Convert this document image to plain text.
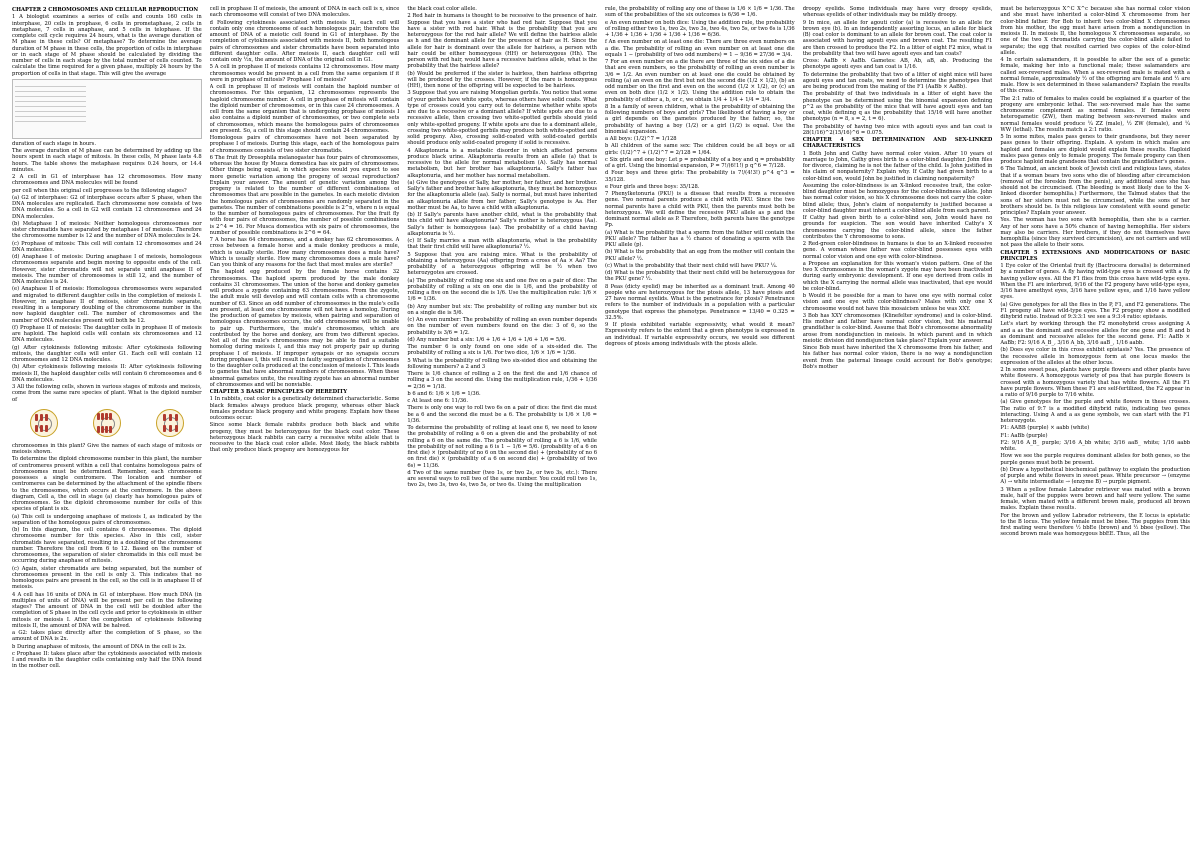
CHAPTER 2 CHROMOSOMES AND CELLULAR REPRODUCTION

1 A biologist examines a series of cells and counts 160 cells in interphase, 20 cells in prophase, 6 cells in prometaphase, 2 cells in metaphase, 7 cells in anaphase, and 5 cells in telophase. If the complete cell cycle requires 24 hours, what is the average duration of M phase in these cells? Of metaphase? To determine the average duration of M phase in these cells, the proportion of cells in interphase or in each stage of M phase should be calculated by dividing the number of cells in each stage by the total number of cells counted. To calculate the time required for a given phase, multiply 24 hours by the proportion of cells in that stage. This will give the average

duration of each stage in hours.

The average duration of M phase can be determined by adding up the hours spent in each stage of mitosis. In these cells, M phase lasts 4.8 hours. The table shows the metaphase requires 0.24 hours, or 14.4 minutes.

2 A cell in G1 of interphase has 12 chromosomes. How many chromosomes and DNA molecules will be found

per cell when this original cell progresses to the following stages?

(a) G2 of interphase: G2 of interphase occurs after S phase, when the DNA molecules are replicated. Each chromosome now consists of two DNA molecules. So a cell in G2 will contain 12 chromosomes and 24 DNA molecules.

(b) Metaphase I of meiosis: Neither homologous chromosomes nor sister chromatids have separated by metaphase I of meiosis. Therefore the chromosome number is 12 and the number of DNA molecules is 24.

(c) Prophase of mitosis: This cell will contain 12 chromosomes and 24 DNA molecules.

(d) Anaphase I of meiosis: During anaphase I of meiosis, homologous chromosomes separate and begin moving to opposite ends of the cell. However, sister chromatids will not separate until anaphase II of meiosis. The number of chromosomes is still 12, and the number of DNA molecules is 24.

(e) Anaphase II of meiosis: Homologous chromosomes were separated and migrated to different daughter cells in the completion of meiosis I. However, in anaphase II of meiosis, sister chromatids separate, resulting in a temporary doubling of the chromosome number in the now haploid daughter cell. The number of chromosomes and the number of DNA molecules present will both be 12.

(f) Prophase II of meiosis: The daughter cells in prophase II of meiosis are haploid. The haploid cells will contain six chromosomes and 12 DNA molecules.

(g) After cytokinesis following mitosis: After cytokinesis following mitosis, the daughter cells will enter G1. Each cell will contain 12 chromosomes and 12 DNA molecules.

(h) After cytokinesis following meiosis II: After cytokinesis following meiosis II, the haploid daughter cells will contain 6 chromosomes and 6 DNA molecules.

3 All the following cells, shown in various stages of mitosis and meiosis, come from the same rare species of plant. What is the diploid number of

chromosomes in this plant? Give the names of each stage of mitosis or meiosis shown.

To determine the diploid chromosome number in this plant, the number of centromeres present within a cell that contains homologous pairs of chromosomes must be determined. Remember, each chromosome possesses a single centromere. The location and number of centromeres can be determined by the attachment of the spindle fibers to the chromosomes, which occurs at the centromere. In the above diagram, Cell a, the cell in stage (a) clearly has homologous pairs of chromosomes. So the diploid chromosome number for cells of this species of plant is six.

(a) This cell is undergoing anaphase of meiosis I, as indicated by the separation of the homologous pairs of chromosomes.

(b) In this diagram, the cell contains 6 chromosomes. The diploid chromosome number for this species. Also in this cell, sister chromatids have separated, resulting in a doubling of the chromosome number. Therefore the cell from 6 to 12. Based on the number of chromosomes, the separation of sister chromatids in this cell must be occurring during anaphase of mitosis.

(c) Again, sister chromatids are being separated, but the number of chromosomes present in the cell is only 3. This indicates that no homologous pairs are present in the cell, so the cell is in anaphase II of meiosis.

4 A cell has 16 units of DNA in G1 of interphase. How much DNA (in multiples of units of DNA) will be present per cell in the following stages? The amount of DNA in the cell will be doubled after the completion of S phase in the cell cycle and prior to cytokinesis in either mitosis or meiosis I. After the completion of cytokinesis following mitosis II, the amount of DNA will be halved.

a G2: takes place directly after the completion of S phase, so the amount of DNA is 2x.

b During anaphase of mitosis, the amount of DNA in the cell is 2x.

c Prophase II: takes place after the cytokinesis associated with meiosis I and results in the daughter cells containing only half the DNA found in the mother cell.

cell in prophase II of meiosis, the amount of DNA in each cell is x, since each chromosome will consist of two DNA molecules.

d Following cytokinesis associated with meiosis II, each cell will contain only one chromosome of each homologous pair; therefore the amount of DNA of a meiotic cell found in G1 of interphase. By the completion of cytokinesis associated with meiosis II, both homologous pairs of chromosomes and sister chromatids have been separated into different daughter cells. After meiosis II, each daughter cell will contain only ½x, the amount of DNA of the original cell in G1.

5 A cell in prophase II of meiosis contains 12 chromosomes. How many chromosomes would be present in a cell from the same organism if it were in prophase of mitosis? Prophase I of meiosis?

A cell in prophase II of meiosis will contain the haploid number of chromosomes. For this organism, 12 chromosomes represents the haploid chromosome number. A cell in prophase of mitosis will contain the diploid number of chromosomes, or in this case 24 chromosomes. A cell from the same organism that is undergoing prophase of meiosis I also contains a diploid number of chromosomes, or two complete sets of chromosomes, which means the homologous pairs of chromosomes are present. So, a cell in this stage should contain 24 chromosomes.

Homologous pairs of chromosomes have not been separated by prophase I of meiosis. During this stage, each of the homologous pairs of chromosomes consists of two sister chromatids.

6 The fruit fly Drosophila melanogaster has four pairs of chromosomes, whereas the house fly Musca domestica has six pairs of chromosomes. Other things being equal, in which species would you expect to see more genetic variation among the progeny of sexual reproduction? Explain your answer. The amount of genetic variation among the progeny is related to the number of different combinations of chromosomes that are possible in the gametes. In each meiotic division the homologous pairs of chromosomes are randomly separated in the gametes. The number of combinations possible is 2^n, where n is equal to the number of homologous pairs of chromosomes. For the fruit fly with four pairs of chromosomes, the number of possible combinations is 2^4 = 16. For Musca domestica with six pairs of chromosomes, the number of possible combinations is 2^6 = 64.

7 A horse has 64 chromosomes, and a donkey has 62 chromosomes. A cross between a female horse and a male donkey produces a mule, which is usually sterile. How many chromosomes does a mule have? Which is usually sterile. How many chromosomes does a mule have? Can you think of any reasons for the fact that most mules are sterile?

The haploid egg produced by the female horse contains 32 chromosomes. The haploid sperm produced by the male donkey contains 31 chromosomes. The union of the horse and donkey gametes will produce a zygote containing 63 chromosomes. From the zygote, the adult mule will develop and will contain cells with a chromosome number of 63. Since an odd number of chromosomes in the mule's cells are present, at least one chromosome will not have a homolog. During the production of gametes by meiosis, when pairing and separation of homologous chromosomes occurs, the odd chromosome will be unable to pair up. Furthermore, the mule's chromosomes, which are contributed by the horse and donkey, are from two different species. Not all of the mule's chromosomes may be able to find a suitable homolog during meiosis I, and this may not properly pair up during prophase I of meiosis. If improper synapsis or no synapsis occurs during prophase I, this will result in faulty segregation of chromosomes to the daughter cells produced at the conclusion of meiosis I. This leads to gametes that have abnormal numbers of chromosomes. When these abnormal gametes unite, the resulting zygote has an abnormal number of chromosomes and will be nonviable.

CHAPTER 3 BASIC PRINCIPLES OF HEREDITY

1 In rabbits, coat color is a genetically determined characteristic. Some black females always produce black progeny, whereas other black females produce black progeny and white progeny. Explain how these outcomes occur.

Since some black female rabbits produce both black and white progeny, they must be heterozygous for the black coat color. These heterozygous black rabbits can carry a recessive white allele that is recessive to the black coat color allele. Most likely, the black rabbits that only produce black progeny are homozygous for

the black coat color allele.

2 Red hair in humans is thought to be recessive to the presence of hair. Suppose that you have a sister who had red hair. Suppose that you have a sister with red hair. What is the probability that you are heterozygous for the red hair allele? We will define the hairless allele as h and the dominant allele for the presence of hair as H. Since the allele for hair is dominant over the allele for hairless, a person with hair could be either homozygous (HH) or heterozygous (Hh). The person with red hair, would have a recessive hairless allele, what is the probability that the hairless allele?

(b) Would be preferred if the sister is hairless, then hairless offspring will be produced by the crosses. However, if the mare is homozygous (HH), then none of the offspring will be expected to be hairless.

3 Suppose that you are raising Mongolian gerbils. You notice that some of your gerbils have white spots, whereas others have solid coats. What type of crosses could you carry out to determine whether white spots are due to a recessive or a dominant allele? If white spots are due to a recessive allele, then crossing two white-spotted gerbils should yield only white-spotted progeny. If white spots are due to a dominant allele, crossing two white-spotted gerbils may produce both white-spotted and solid progeny. Also, crossing solid-coated with solid-coated gerbils should produce only solid-coated progeny if solid is recessive.

4 Alkaptonuria is a metabolic disorder in which affected persons produce black urine. Alkaptonuria results from an allele (a) that is recessive to the allele for normal metabolism (A). Sally has normal metabolism, but her brother has alkaptonuria. Sally's father has alkaptonuria, and her mother has normal metabolism.

(a) Give the genotypes of Sally, her mother, her father, and her brother. Sally's father and brother have alkaptonuria, they must be homozygous for the alkaptonuria allele (aa). Sally is normal, but must have inherited an alkaptonuria allele from her father; Sally's genotype is Aa. Her mother must be Aa, to have a child with alkaptonuria.

(b) If Sally's parents have another child, what is the probability that this child will have alkaptonuria? Sally's mother is heterozygous (Aa). Sally's father is homozygous (aa). The probability of a child having alkaptonuria is ½.

(c) If Sally marries a man with alkaptonuria, what is the probability that their first child will have alkaptonuria? ½.

5 Suppose that you are raising mice. What is the probability of obtaining a heterozygous (Aa) offspring from a cross of Aa × Aa? The probability of a heterozygous offspring will be ½ when two heterozygotes are crossed.

(a) The probability of rolling one six and one five on a pair of dice: The probability of rolling a six on one die is 1/6, and the probability of rolling a five on the second die is 1/6. Use the multiplication rule: 1/6 × 1/6 = 1/36.

(b) Any number but six: The probability of rolling any number but six on a single die is 5/6.

(c) An even number: The probability of rolling an even number depends on the number of even numbers found on the die: 3 of 6, so the probability is 3/6 = 1/2.

(d) Any number but a six: 1/6 + 1/6 + 1/6 + 1/6 + 1/6 = 5/6.

The number 6 is only found on one side of a six-sided die. The probability of rolling a six is 1/6. For two dice, 1/6 × 1/6 = 1/36.

5 What is the probability of rolling two six-sided dice and obtaining the following numbers? a 2 and 3

There is 1/6 chance of rolling a 2 on the first die and 1/6 chance of rolling a 3 on the second die. Using the multiplication rule, 1/36 + 1/36 = 2/36 = 1/18.

b 6 and 6: 1/6 × 1/6 = 1/36.

c At least one 6: 11/36.

There is only one way to roll two 6s on a pair of dice: the first die must be a 6 and the second die must be a 6. The probability is 1/6 × 1/6 = 1/36.

To determine the probability of rolling at least one 6, we need to know the probability of rolling a 6 on a given die and the probability of not rolling a 6 on the same die. The probability of rolling a 6 is 1/6, while the probability of not rolling a 6 is 1 − 1/6 = 5/6. (probability of a 6 on first die) × (probability of no 6 on the second die) + (probability of no 6 on first die) × (probability of a 6 on second die) + (probability of two 6s) = 11/36.

d Two of the same number (two 1s, or two 2s, or two 3s, etc.): There are several ways to roll two of the same number. You could roll two 1s, two 2s, two 3s, two 4s, two 5s, or two 6s. Using the multiplication

rule, the probability of rolling any one of these is 1/6 × 1/6 = 1/36. The sum of the probabilities of the six outcomes is 6/36 = 1/6.

e An even number on both dice: Using the addition rule, the probability of rolling either two 1s, two 2s, two 3s, two 4s, two 5s, or two 6s is 1/36 + 1/36 + 1/36 + 1/36 + 1/36 + 1/36 = 6/36.

f An even number on at least one die: There are three even numbers on a die. The probability of rolling an even number on at least one die equals 1 − (probability of two odd numbers) = 1 − 9/36 = 27/36 = 3/4.

7 For an even number on a die there are three of the six sides of a die that are even numbers, so the probability of rolling an even number is 3/6 = 1/2. An even number on at least one die could be obtained by rolling (a) an even on the first but not the second die (1/2 × 1/2), (b) an odd number on the first and even on the second (1/2 × 1/2), or (c) an even on both dice (1/2 × 1/2). Using the addition rule to obtain the probability of either a, b, or c, we obtain 1/4 + 1/4 + 1/4 = 3/4.

8 In a family of seven children, what is the probability of obtaining the following numbers of boys and girls? The likelihood of having a boy or a girl depends on the gametes produced by the father; so, the probability of having a boy (1/2) or a girl (1/2) is equal. Use the binomial expansion.

a All boys: (1/2)^7 = 1/128

b All children of the same sex: The children could be all boys or all girls: (1/2)^7 + (1/2)^7 = 2/128 = 1/64.

c Six girls and one boy: Let p = probability of a boy and q = probability of a girl. Using the binomial expansion, P = 7!/(6!1!) p q^6 = 7/128.

d Four boys and three girls: The probability is 7!/(4!3!) p^4 q^3 = 35/128.

e Four girls and three boys: 35/128.

7 Phenylketonuria (PKU) is a disease that results from a recessive gene. Two normal parents produce a child with PKU. Since the two normal parents have a child with PKU, then the parents must both be heterozygous. We will define the recessive PKU allele as p and the dominant normal allele as P. Therefore, both parents have the genotype Pp.

(a) What is the probability that a sperm from the father will contain the PKU allele? The father has a ½ chance of donating a sperm with the PKU allele (p).

(b) What is the probability that an egg from the mother will contain the PKU allele? ½.

(c) What is the probability that their next child will have PKU? ¼.

(d) What is the probability that their next child will be heterozygous for the PKU gene? ½.

8 Peas (dicty eyelid) may be inherited as a dominant trait. Among 40 people who are heterozygous for the ptosis allele, 13 have ptosis and 27 have normal eyelids. What is the penetrance for ptosis? Penetrance refers to the number of individuals in a population with a particular genotype that express the phenotype. Penetrance = 13/40 = 0.325 = 32.5%.

9 If ptosis exhibited variable expressivity, what would it mean? Expressivity refers to the extent that a given phenotype is expressed in an individual. If variable expressivity occurs, we would see different degrees of ptosis among individuals with the ptosis allele.

droopy eyelids. Some individuals may have very droopy eyelids, whereas eyelids of other individuals may be mildly droopy.

9 In mice, an allele for agouti color (a) is recessive to an allele for brown eye (b). In an independently assorting locus, an allele for black (B) coat color is dominant to an allele for brown coat. The coat color is associated with having agouti eyes and brown coat. The resulting F1 are then crossed to produce the F2. In a litter of eight F2 mice, what is the probability that two will have agouti eyes and tan coats?

Cross: AaBb × AaBb. Gametes: AB, Ab, aB, ab. Producing the phenotype agouti eyes and tan coat is 1/16.

To determine the probability that two of a litter of eight mice will have agouti eyes and tan coats, we need to determine the phenotypes that are being produced from the mating of the F1 (AaBb × AaBb).

The probability of that two individuals in a litter of eight have the phenotype can be determined using the binomial expansion defining p^2 as the probability of the mice that will have agouti eyes and tan coat, while defining q as the probability that 15/16 will have another phenotype (n = 8, s = 2, t = 6).

The probability of having two mice with agouti eyes and tan coat is 28(1/16)^2(15/16)^6 = 0.075.

CHAPTER 4 SEX DETERMINATION AND SEX-LINKED CHARACTERISTICS

1 Both John and Cathy have normal color vision. After 10 years of marriage to John, Cathy gives birth to a color-blind daughter. John files for divorce, claiming he is not the father of the child. Is John justified in his claim of nonpaternity? Explain why. If Cathy had given birth to a color-blind son, would John be justified in claiming nonpaternity?

Assuming the color-blindness is an X-linked recessive trait, the color-blind daughter must be homozygous for the color-blindness allele. John has normal color vision, so his X chromosome does not carry the color-blind allele; thus, John's claim of nonpaternity is justified because a color-blind daughter must inherit a color-blind allele from each parent.

If Cathy had given birth to a color-blind son, John would have no grounds for suspicion. The son would have inherited Cathy's X chromosome carrying the color-blind allele, since the father contributes the Y chromosome to sons.

2 Red-green color-blindness in humans is due to an X-linked recessive gene. A woman whose father was color-blind possesses eyes with normal color vision and one eye with color-blindness.

a Propose an explanation for this woman's vision pattern. One of the two X chromosomes in the woman's zygote may have been inactivated during early embryonic development. If one eye derived from cells in which the X carrying the normal allele was inactivated, that eye would be color-blind.

b Would it be possible for a man to have one eye with normal color vision and one eye with color-blindness? Males with only one X chromosome would not have this mosaicism unless he was XXY.

3 Bob has XXY chromosomes (Klinefelter syndrome) and is color-blind. His mother and father have normal color vision, but his maternal grandfather is color-blind. Assume that Bob's chromosome abnormality arose from nondisjunction in meiosis. In which parent and in which meiotic division did nondisjunction take place? Explain your answer.

Since Bob must have inherited the X chromosome from his father, and his father has normal color vision, there is no way a nondisjunction event from the paternal lineage could account for Bob's genotype; Bob's mother

must be heterozygous X^C X^c because she has normal color vision and she must have inherited a color-blind X chromosome from her color-blind father. For Bob to inherit two color-blind X chromosomes from his mother, the egg must have arisen from a nondisjunction in meiosis II. In meiosis II, the homologous X chromosomes separate, so one of the two X chromatids carrying the color-blind allele failed to separate; the egg that resulted carried two copies of the color-blind allele.

4 In certain salamanders, it is possible to alter the sex of a genetic female, making her into a functional male; these salamanders are called sex-reversed males. When a sex-reversed male is mated with a normal female, approximately ½ of the offspring are female and ½ are male. How is sex determined in these salamanders? Explain the results of this cross.

The 2:1 ratio of females to males could be explained if a quarter of the progeny are embryonic lethal. The sex-reversed male has the same chromosome complement as normal females. If females were heterogametic (ZW), then mating between sex-reversed males and normal females would produce ¼ ZZ (male), ½ ZW (female), and ¼ WW (lethal). The results match a 2:1 ratio.

5 In some mites, males pass genes to their grandsons, but they never pass genes to their offspring. Explain. A system in which males are haploid and females are diploid would explain these results. Haploid males pass genes only to female progeny. The female progeny can then produce haploid male grandsons that contain the grandfather's genes.

6 The Talmud, an ancient book of Jewish civil and religious laws, states that if a woman bears two sons who die of bleeding after circumcision (removal of the foreskin from the penis), any additional sons she has should not be circumcised. (The bleeding is most likely due to the X-linked disorder hemophilia.) Furthermore, the Talmud states that the sons of her sisters must not be circumcised, while the sons of her brothers should be. Is this religious law consistent with sound genetic principles? Explain your answer.

Yes. The woman has two sons with hemophilia, then she is a carrier. Any of her sons have a 50% chance of having hemophilia. Her sisters may also be carriers. Her brothers, if they do not themselves have hemophilia (since they survived circumcision), are not carriers and will not pass the allele to their sons.

CHAPTER 5 EXTENSIONS AND MODIFICATIONS OF BASIC PRINCIPLES

1 Eye color of the Oriental fruit fly (Bactrocera dorsalis) is determined by a number of genes. A fly having wild-type eyes is crossed with a fly having yellow eyes. All the F1 flies from this cross have wild-type eyes. When the F1 are interbred, 9/16 of the F2 progeny have wild-type eyes, 3/16 have amethyst eyes, 3/16 have yellow eyes, and 1/16 have yellow eyes.

(a) Give genotypes for all the flies in the P, F1, and F2 generations. The F1 progeny all have wild-type eyes. The F2 progeny show a modified dihybrid ratio. Instead of 9:3:3:1 we see a 9:3:4 ratio: epistasis.

Let's start by working through the F2 monohybrid cross assigning A and a as the dominant and recessive alleles for one gene and B and b as dominant and recessive alleles for the second gene. F1: AaBb × AaBb; F2: 9/16 A_B_, 3/16 A_bb, 3/16 aaB_, 1/16 aabb.

(b) Does eye color in this cross exhibit epistasis? Yes. The presence of the recessive allele in homozygous form at one locus masks the expression of the alleles at the other locus.

2 In some sweet peas, plants have purple flowers and other plants have white flowers. A homozygous variety of pea that has purple flowers is crossed with a homozygous variety that has white flowers. All the F1 have purple flowers. When these F1 are self-fertilized, the F2 appear in a ratio of 9/16 purple to 7/16 white.

(a) Give genotypes for the purple and white flowers in these crosses. The ratio of 9:7 is a modified dihybrid ratio, indicating two genes interacting. Using A and a as gene symbols, we can start with the F1 heterozygote.

P1: AABB (purple) × aabb (white)

F1: AaBb (purple)

F2: 9/16 A_B_ purple; 3/16 A_bb white; 3/16 aaB_ white; 1/16 aabb white.

How we see the purple requires dominant alleles for both genes, so the purple genes must both be present.

(b) Draw a hypothetical biochemical pathway to explain the production of purple and white flowers in sweet peas. White precursor → (enzyme A) → white intermediate → (enzyme B) → purple pigment.

3 When a yellow female Labrador retriever was mated with a brown male, half of the puppies were brown and half were yellow. The same female, when mated with a different brown male, produced all brown males. Explain these results.

For the brown and yellow Labrador retrievers, the E locus is epistatic to the B locus. The yellow female must be bbee. The puppies from this first mating were therefore ½ bbEe (brown) and ½ bbee (yellow). The second brown male was homozygous bbEE. Thus, all the
